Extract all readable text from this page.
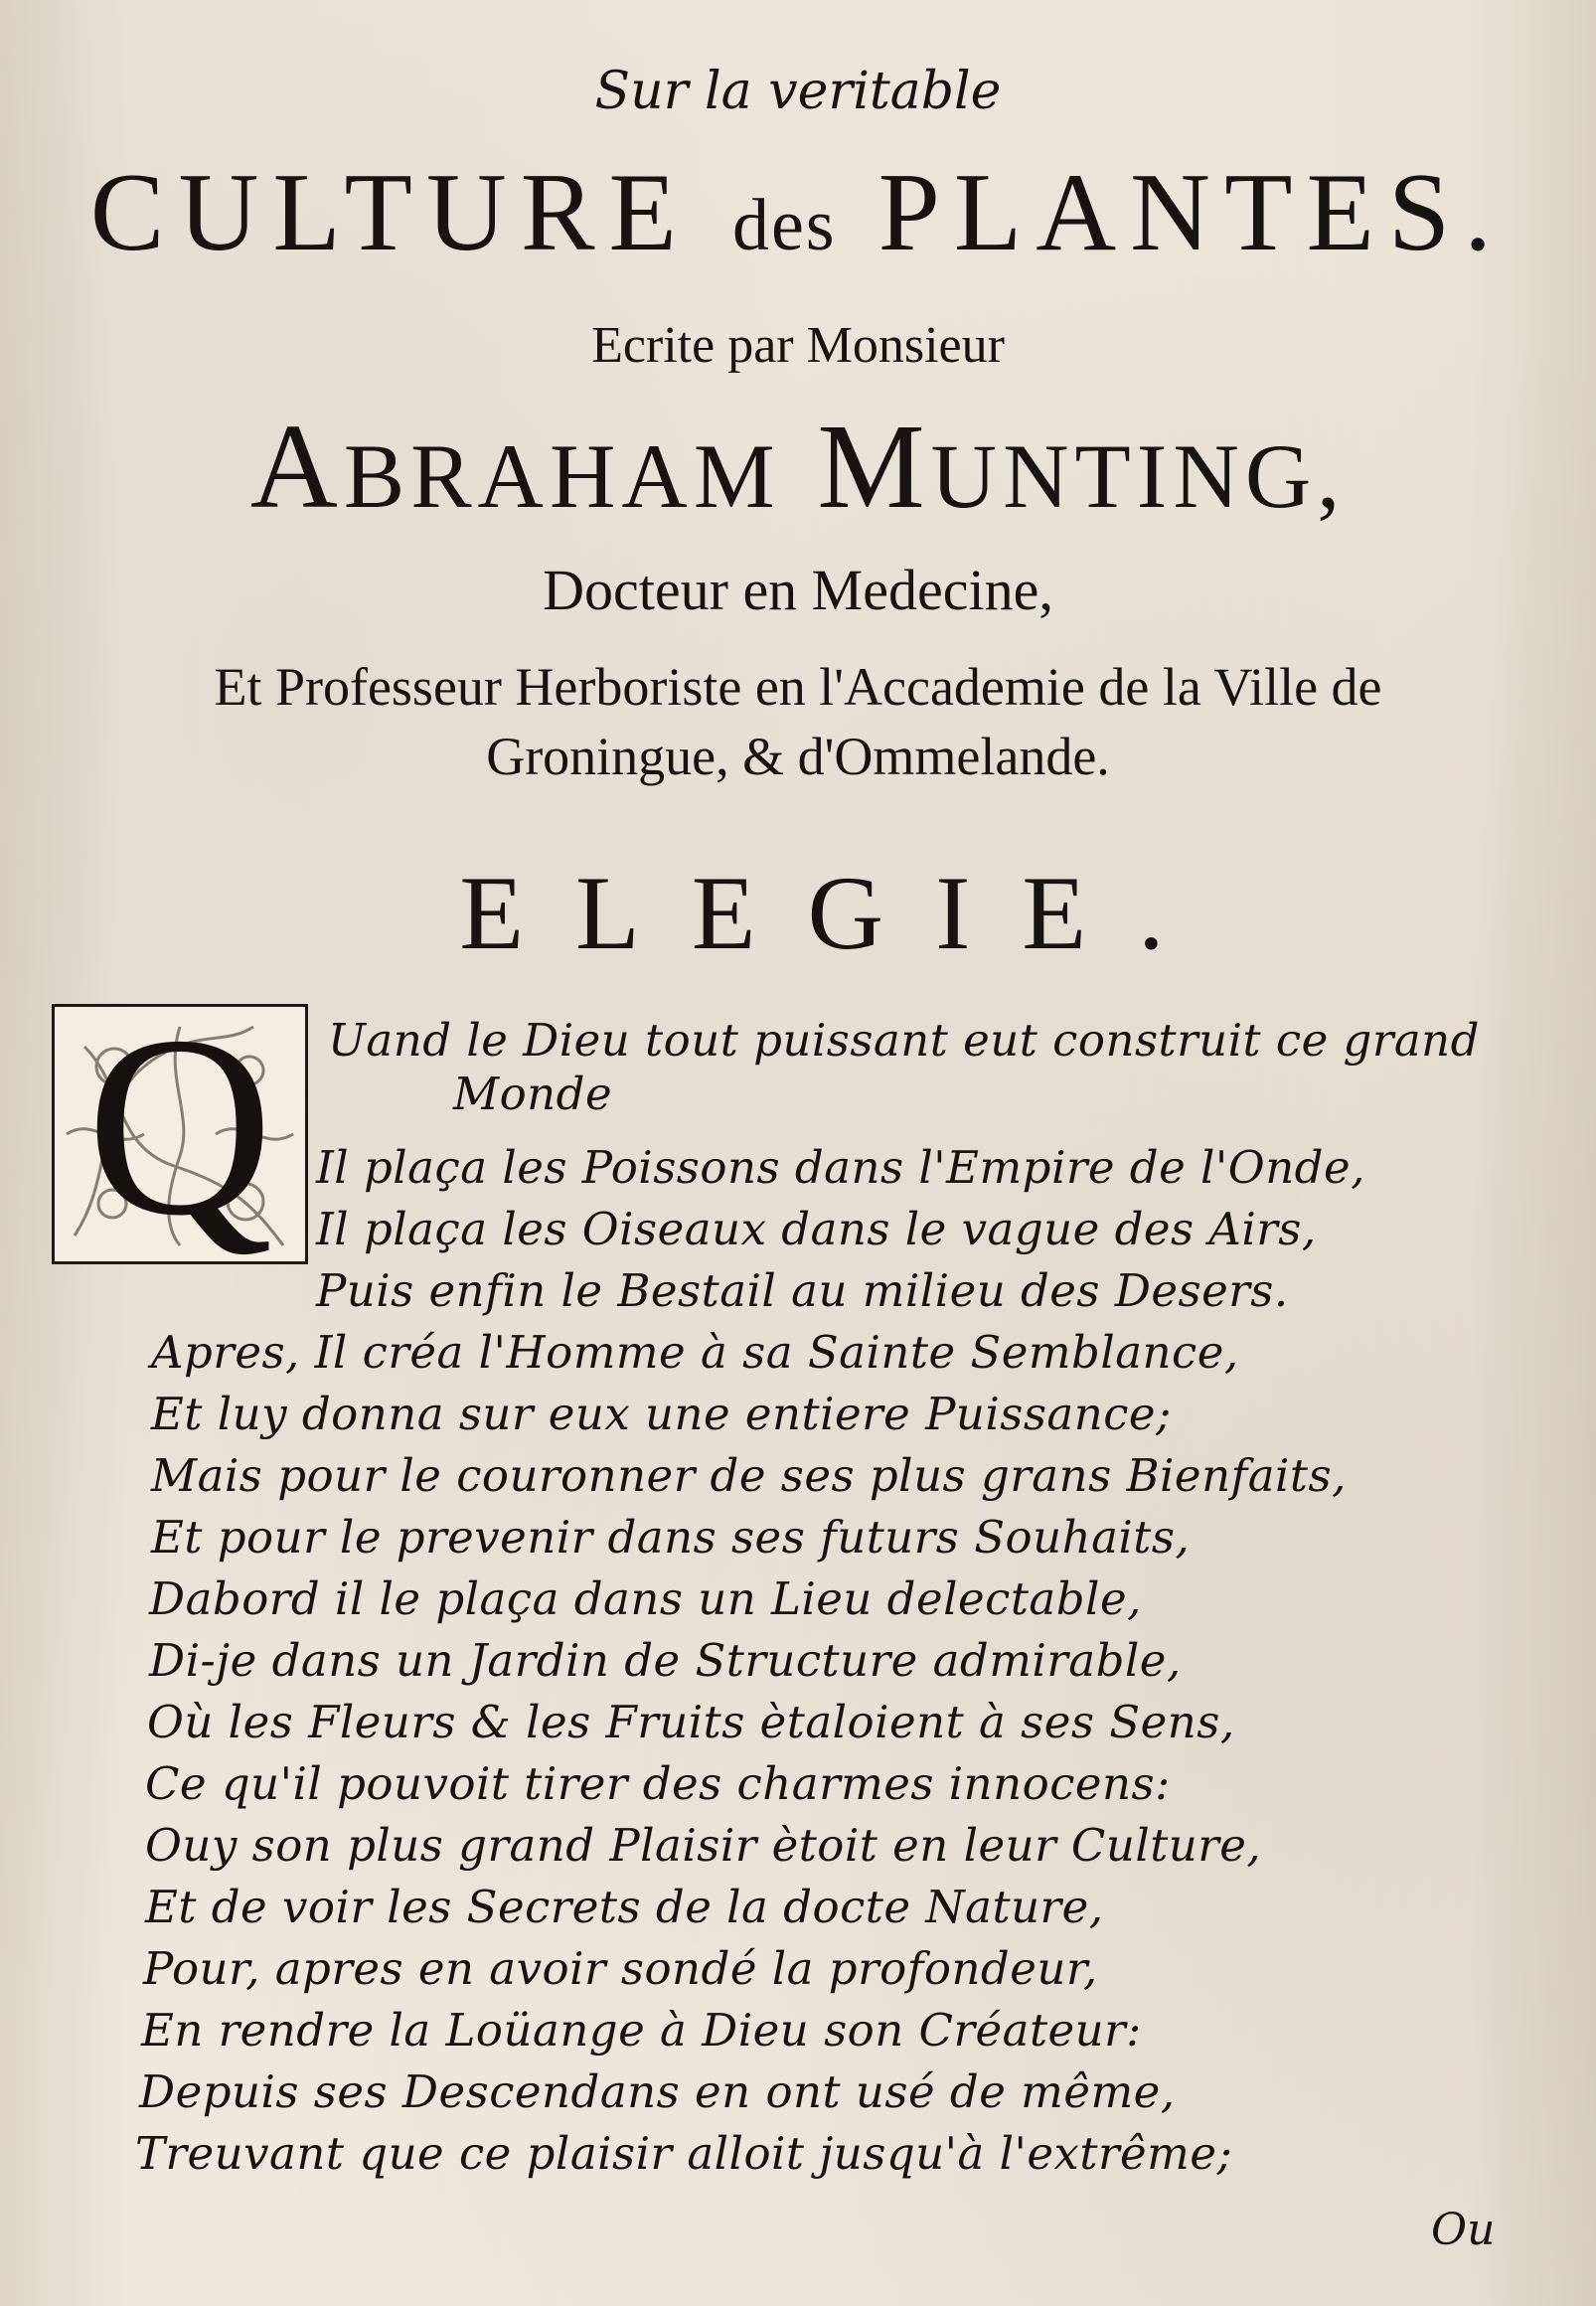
Sur la veritable
CULTURE des PLANTES.
Ecrite par Monsieur
ABRAHAM MUNTING,
Docteur en Medecine,
Et Professeur Herboriste en l'Accademie de la Ville de
Groningue, & d'Ommelande.
ELEGIE.
Q	Uand le Dieu tout puissant eut construit ce grand
Monde
Il plaça les Poissons dans l'Empire de l'Onde,
Il plaça les Oiseaux dans le vague des Airs,
Puis enfin le Bestail au milieu des Desers.
Apres, Il créa l'Homme à sa Sainte Semblance,
Et luy donna sur eux une entiere Puissance;
Mais pour le couronner de ses plus grans Bienfaits,
Et pour le prevenir dans ses futurs Souhaits,
Dabord il le plaça dans un Lieu delectable,
Di-je dans un Jardin de Structure admirable,
Où les Fleurs & les Fruits ètaloient à ses Sens,
Ce qu'il pouvoit tirer des charmes innocens:
Ouy son plus grand Plaisir ètoit en leur Culture,
Et de voir les Secrets de la docte Nature,
Pour, apres en avoir sondé la profondeur,
En rendre la Loüange à Dieu son Créateur:
Depuis ses Descendans en ont usé de même,
Treuvant que ce plaisir alloit jusqu'à l'extrême;
Ou
